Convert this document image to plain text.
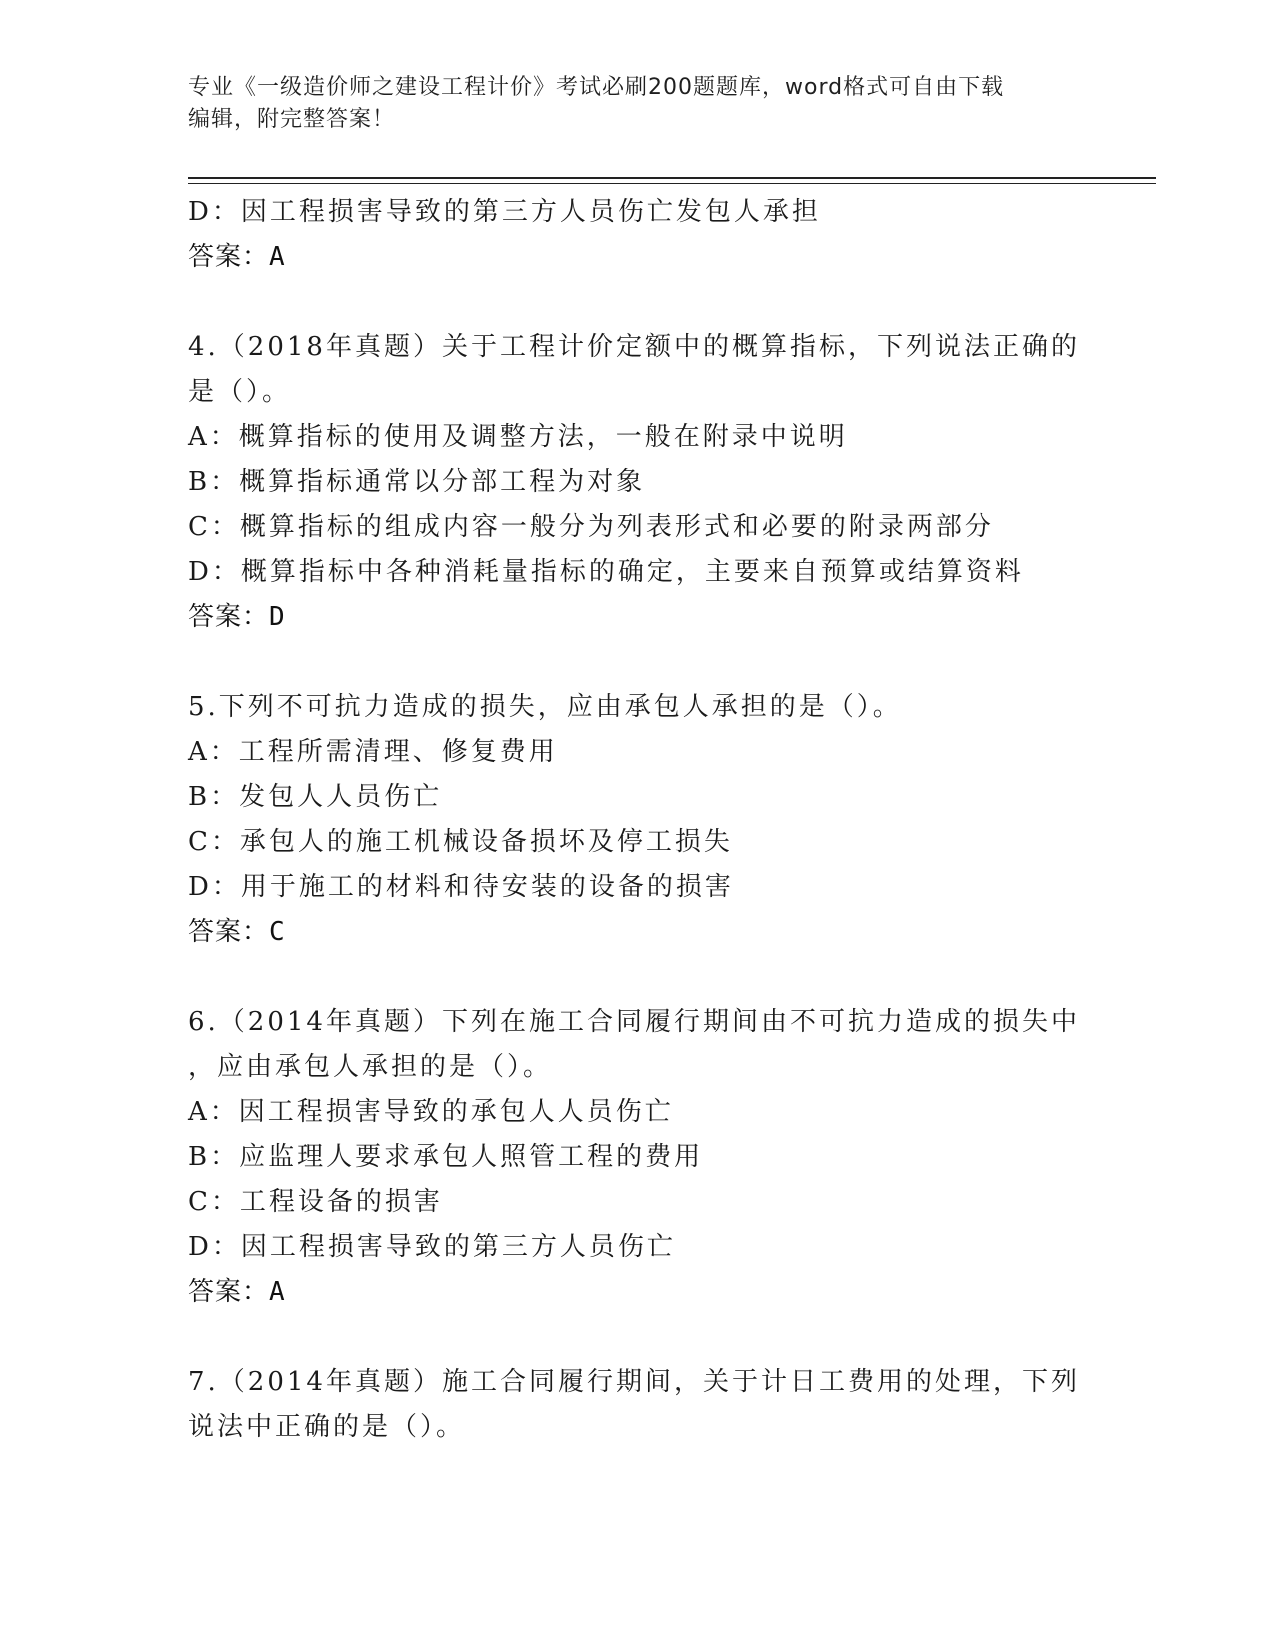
专业《一级造价师之建设工程计价》考试必刷200题题库，word格式可自由下载
编辑，附完整答案！
D：因工程损害导致的第三方人员伤亡发包人承担
答案：A
4.（2018年真题）关于工程计价定额中的概算指标，下列说法正确的
是（）。
A：概算指标的使用及调整方法，一般在附录中说明
B：概算指标通常以分部工程为对象
C：概算指标的组成内容一般分为列表形式和必要的附录两部分
D：概算指标中各种消耗量指标的确定，主要来自预算或结算资料
答案：D
5.下列不可抗力造成的损失，应由承包人承担的是（）。
A：工程所需清理、修复费用
B：发包人人员伤亡
C：承包人的施工机械设备损坏及停工损失
D：用于施工的材料和待安装的设备的损害
答案：C
6.（2014年真题）下列在施工合同履行期间由不可抗力造成的损失中
，应由承包人承担的是（）。
A：因工程损害导致的承包人人员伤亡
B：应监理人要求承包人照管工程的费用
C：工程设备的损害
D：因工程损害导致的第三方人员伤亡
答案：A
7.（2014年真题）施工合同履行期间，关于计日工费用的处理，下列
说法中正确的是（）。
